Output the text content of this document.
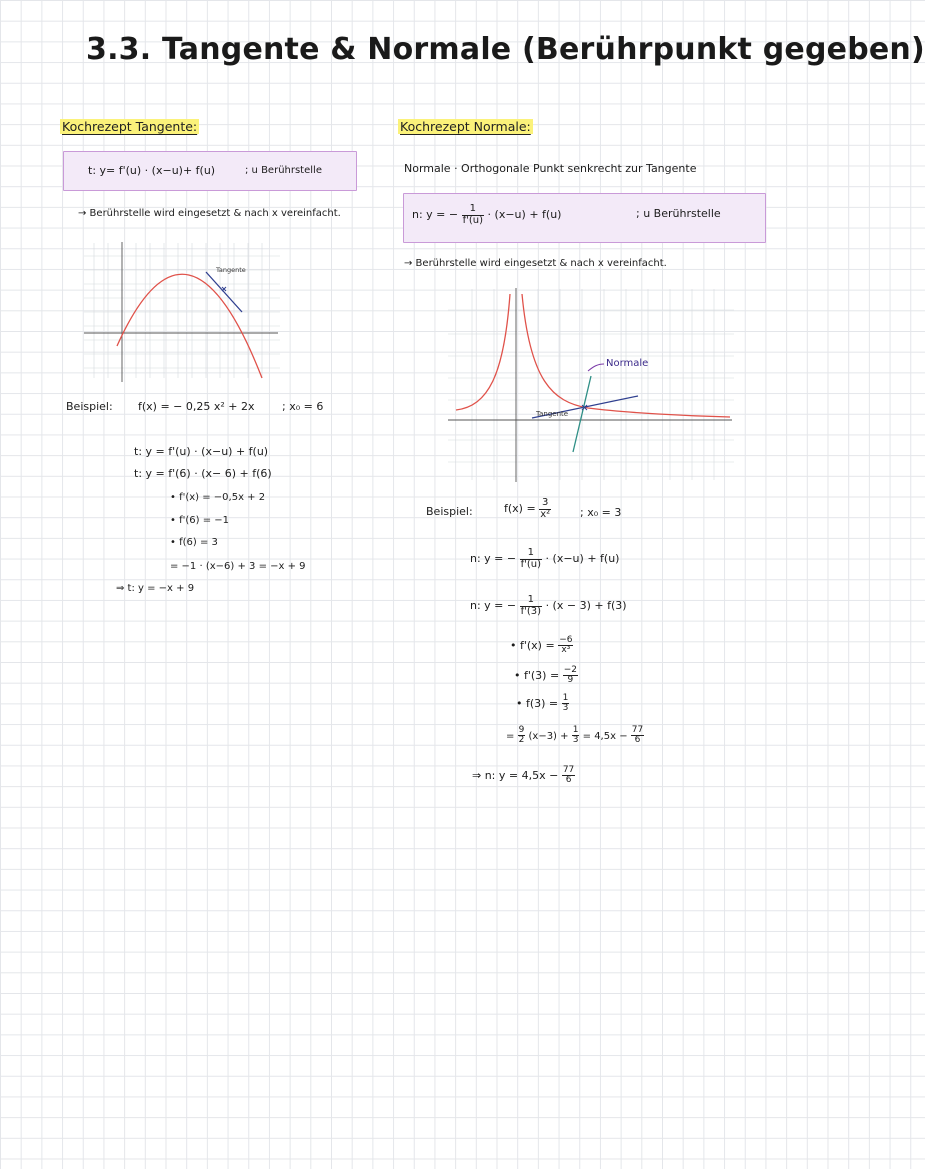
3.3. Tangente & Normale (Berührpunkt gegeben)
Kochrezept Tangente:
t: y= f'(u) · (x−u)+ f(u)	; u Berührstelle
→ Berührstelle wird eingesetzt & nach x vereinfacht.
Tangente
Beispiel: f(x) = − 0,25 x² + 2x ; x₀ = 6
t: y = f'(u) · (x−u) + f(u)
t: y = f'(6) · (x− 6) + f(6)
• f'(x) = −0,5x + 2
• f'(6) = −1
• f(6) = 3
= −1 · (x−6) + 3 = −x + 9
⇒ t: y = −x + 9
Kochrezept Normale:
Normale · Orthogonale Punkt senkrecht zur Tangente
n: y = − $\frac{1}{f'(u)} \cdot (x-u) + f(u)$	; u Berührstelle
→ Berührstelle wird eingesetzt & nach x vereinfacht.
Tangente
Normale
Beispiel:	$f(x) = \frac{3}{\text{x²}}$	; x₀ = 3
n: y = − $\frac{1}{f'(u)} \cdot (x-u) + f(u)$
n: y = − $\frac{1}{f'(3)} \cdot (x - 3) + f(3)$
• $f'(x) = \frac{-6}{\text{x³}}$
• $f'(3) = \frac{-2}{9}$
• $f(3) = \frac{1}{3}$
= $\frac{9}{2} (x-3) + \frac{1}{3} = 4,5x - \frac{77}{6}$
⇒ n: $y = 4,5x - \frac{77}{6}$
